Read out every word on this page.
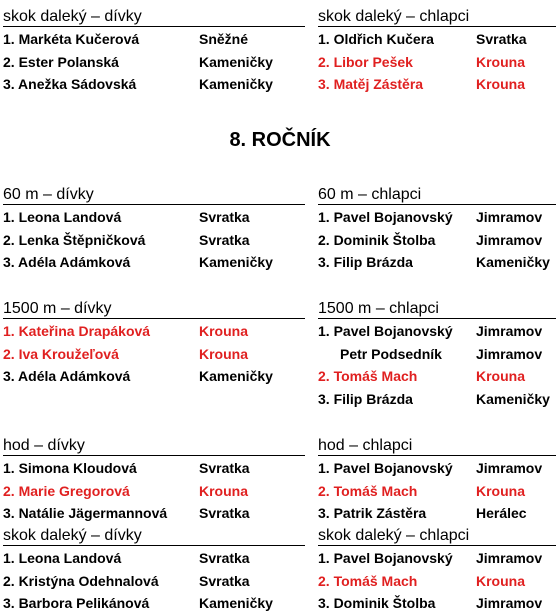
skok daleký – dívky
1. Markéta Kučerová	Sněžné
2. Ester Polanská	Kameničky
3. Anežka Sádovská	Kameničky
skok daleký – chlapci
1. Oldřich Kučera	Svratka
2. Libor Pešek	Krouna
3. Matěj Zástěra	Krouna
8. ROČNÍK
60 m – dívky
1. Leona Landová	Svratka
2. Lenka Štěpničková	Svratka
3. Adéla Adámková	Kameničky
60 m – chlapci
1. Pavel Bojanovský Jimramov
2. Dominik Štolba	Jimramov
3. Filip Brázda	Kameničky
1500 m – dívky
1. Kateřina Drapáková	Krouna
2. Iva Kroužeľová	Krouna
3. Adéla Adámková	Kameničky
1500 m – chlapci
1. Pavel Bojanovský Jimramov
Petr Podsedník Jimramov
2. Tomáš Mach	Krouna
3. Filip Brázda	Kameničky
hod – dívky
1. Simona Kloudová	Svratka
2. Marie Gregorová	Krouna
3. Natálie Jägermannová Svratka
hod – chlapci
1. Pavel Bojanovský Jimramov
2. Tomáš Mach	Krouna
3. Patrik Zástěra	Herálec
skok daleký – dívky
1. Leona Landová	Svratka
2. Kristýna Odehnalová	Svratka
3. Barbora Pelikánová	Kameničky
skok daleký – chlapci
1. Pavel Bojanovský Jimramov
2. Tomáš Mach	Krouna
3. Dominik Štolba	Jimramov
